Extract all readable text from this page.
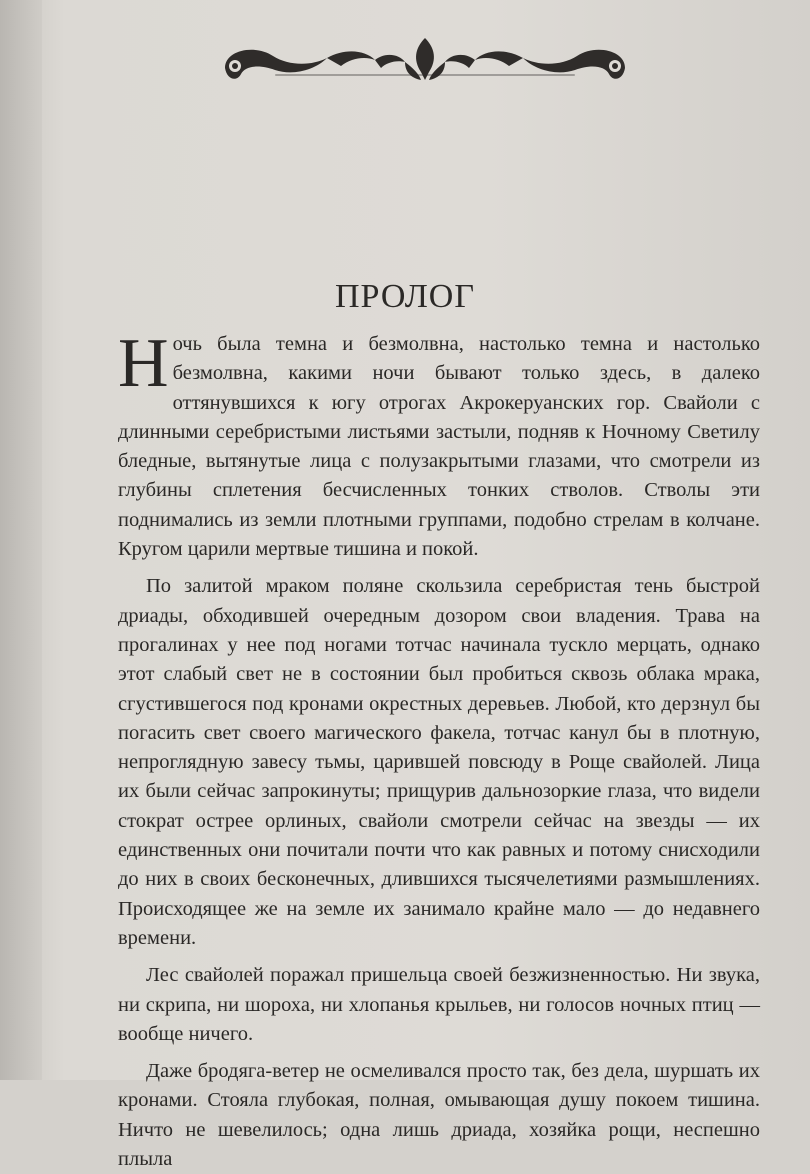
ПРОЛОГ

Н очь была темна и безмолвна, настолько темна и настолько безмолвна, какими ночи бывают только здесь, в далеко оттянувшихся к югу отрогах Акрокеруанских гор. Свайоли с длинными серебристыми листьями застыли, подняв к Ночному Светилу бледные, вытянутые лица с полузакрытыми глазами, что смотрели из глубины сплетения бесчисленных тонких стволов. Стволы эти поднимались из земли плотными группами, подобно стрелам в колчане. Кругом царили мертвые тишина и покой.

По залитой мраком поляне скользила серебристая тень быстрой дриады, обходившей очередным дозором свои владения. Трава на прогалинах у нее под ногами тотчас начинала тускло мерцать, однако этот слабый свет не в состоянии был пробиться сквозь облака мрака, сгустившегося под кронами окрестных деревьев. Любой, кто дерзнул бы погасить свет своего магического факела, тотчас канул бы в плотную, непроглядную завесу тьмы, царившей повсюду в Роще свайолей. Лица их были сейчас запрокинуты; прищурив дальнозоркие глаза, что видели стократ острее орлиных, свайоли смотрели сейчас на звезды — их единственных они почитали почти что как равных и потому снисходили до них в своих бесконечных, длившихся тысячелетиями размышлениях. Происходящее же на земле их занимало крайне мало — до недавнего времени.

Лес свайолей поражал пришельца своей безжизненностью. Ни звука, ни скрипа, ни шороха, ни хлопанья крыльев, ни голосов ночных птиц — вообще ничего.

Даже бродяга-ветер не осмеливался просто так, без дела, шуршать их кронами. Стояла глубокая, полная, омывающая душу покоем тишина. Ничто не шевелилось; одна лишь дриада, хозяйка рощи, неспешно плыла
